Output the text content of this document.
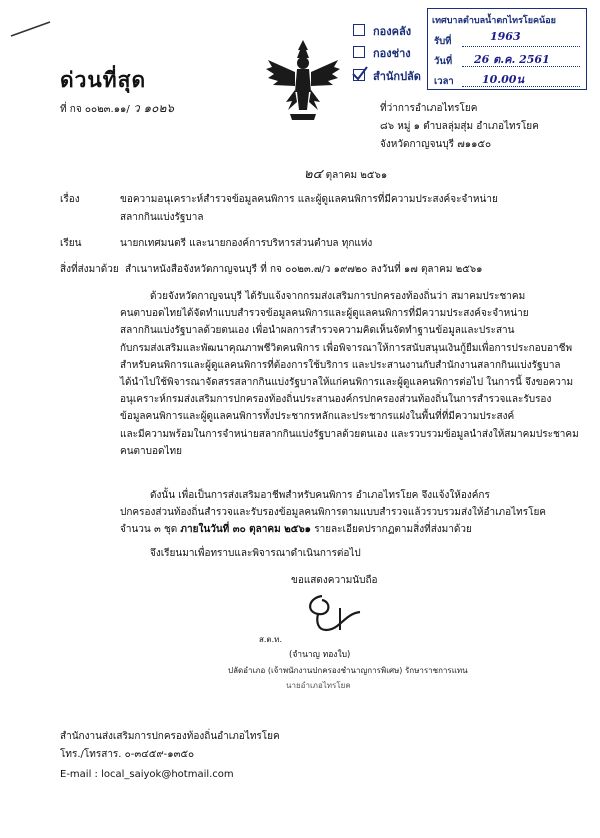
ด่วนที่สุด
ที่ กจ ๐๐๒๓.๑๑/ ว ๑๐๒๖
กองคลัง
กองช่าง
สำนักปลัด
เทศบาลตำบลน้ำตกไทรโยคน้อย
รับที่	1963
วันที่ 26 ต.ค. 2561
เวลา	10.00น
ที่ว่าการอำเภอไทรโยค
๘๖ หมู่ ๑ ตำบลลุ่มสุ่ม อำเภอไทรโยค
จังหวัดกาญจนบุรี ๗๑๑๕๐
๒๔ ตุลาคม ๒๕๖๑
เรื่อง	ขอความอนุเคราะห์สำรวจข้อมูลคนพิการ และผู้ดูแลคนพิการที่มีความประสงค์จะจำหน่าย
สลากกินแบ่งรัฐบาล
เรียน	นายกเทศมนตรี และนายกองค์การบริหารส่วนตำบล ทุกแห่ง
สิ่งที่ส่งมาด้วย สำเนาหนังสือจังหวัดกาญจนบุรี ที่ กจ ๐๐๒๓.๗/ว ๑๙๗๒๐ ลงวันที่ ๑๗ ตุลาคม ๒๕๖๑
ด้วยจังหวัดกาญจนบุรี ได้รับแจ้งจากกรมส่งเสริมการปกครองท้องถิ่นว่า สมาคมประชาคม
คนตาบอดไทยได้จัดทำแบบสำรวจข้อมูลคนพิการและผู้ดูแลคนพิการที่มีความประสงค์จะจำหน่าย
สลากกินแบ่งรัฐบาลด้วยตนเอง เพื่อนำผลการสำรวจความคิดเห็นจัดทำฐานข้อมูลและประสาน
กับกรมส่งเสริมและพัฒนาคุณภาพชีวิตคนพิการ เพื่อพิจารณาให้การสนับสนุนเงินกู้ยืมเพื่อการประกอบอาชีพ
สำหรับคนพิการและผู้ดูแลคนพิการที่ต้องการใช้บริการ และประสานงานกับสำนักงานสลากกินแบ่งรัฐบาล
ได้นำไปใช้พิจารณาจัดสรรสลากกินแบ่งรัฐบาลให้แก่คนพิการและผู้ดูแลคนพิการต่อไป ในการนี้ จึงขอความ
อนุเคราะห์กรมส่งเสริมการปกครองท้องถิ่นประสานองค์กรปกครองส่วนท้องถิ่นในการสำรวจและรับรอง
ข้อมูลคนพิการและผู้ดูแลคนพิการทั้งประชากรหลักและประชากรแฝงในพื้นที่ที่มีความประสงค์
และมีความพร้อมในการจำหน่ายสลากกินแบ่งรัฐบาลด้วยตนเอง และรวบรวมข้อมูลนำส่งให้สมาคมประชาคม
คนตาบอดไทย
ดังนั้น เพื่อเป็นการส่งเสริมอาชีพสำหรับคนพิการ อำเภอไทรโยค จึงแจ้งให้องค์กร
ปกครองส่วนท้องถิ่นสำรวจและรับรองข้อมูลคนพิการตามแบบสำรวจแล้วรวบรวมส่งให้อำเภอไทรโยค
จำนวน ๓ ชุด ภายในวันที่ ๓๐ ตุลาคม ๒๕๖๑ รายละเอียดปรากฏตามสิ่งที่ส่งมาด้วย
จึงเรียนมาเพื่อทราบและพิจารณาดำเนินการต่อไป
ขอแสดงความนับถือ
ส.ต.ท.
(จำนาญ ทองใบ)
ปลัดอำเภอ (เจ้าพนักงานปกครองชำนาญการพิเศษ) รักษาราชการแทน
นายอำเภอไทรโยค
สำนักงานส่งเสริมการปกครองท้องถิ่นอำเภอไทรโยค
โทร./โทรสาร. ๐-๓๔๕๙-๑๓๕๐
E-mail : local_saiyok@hotmail.com
